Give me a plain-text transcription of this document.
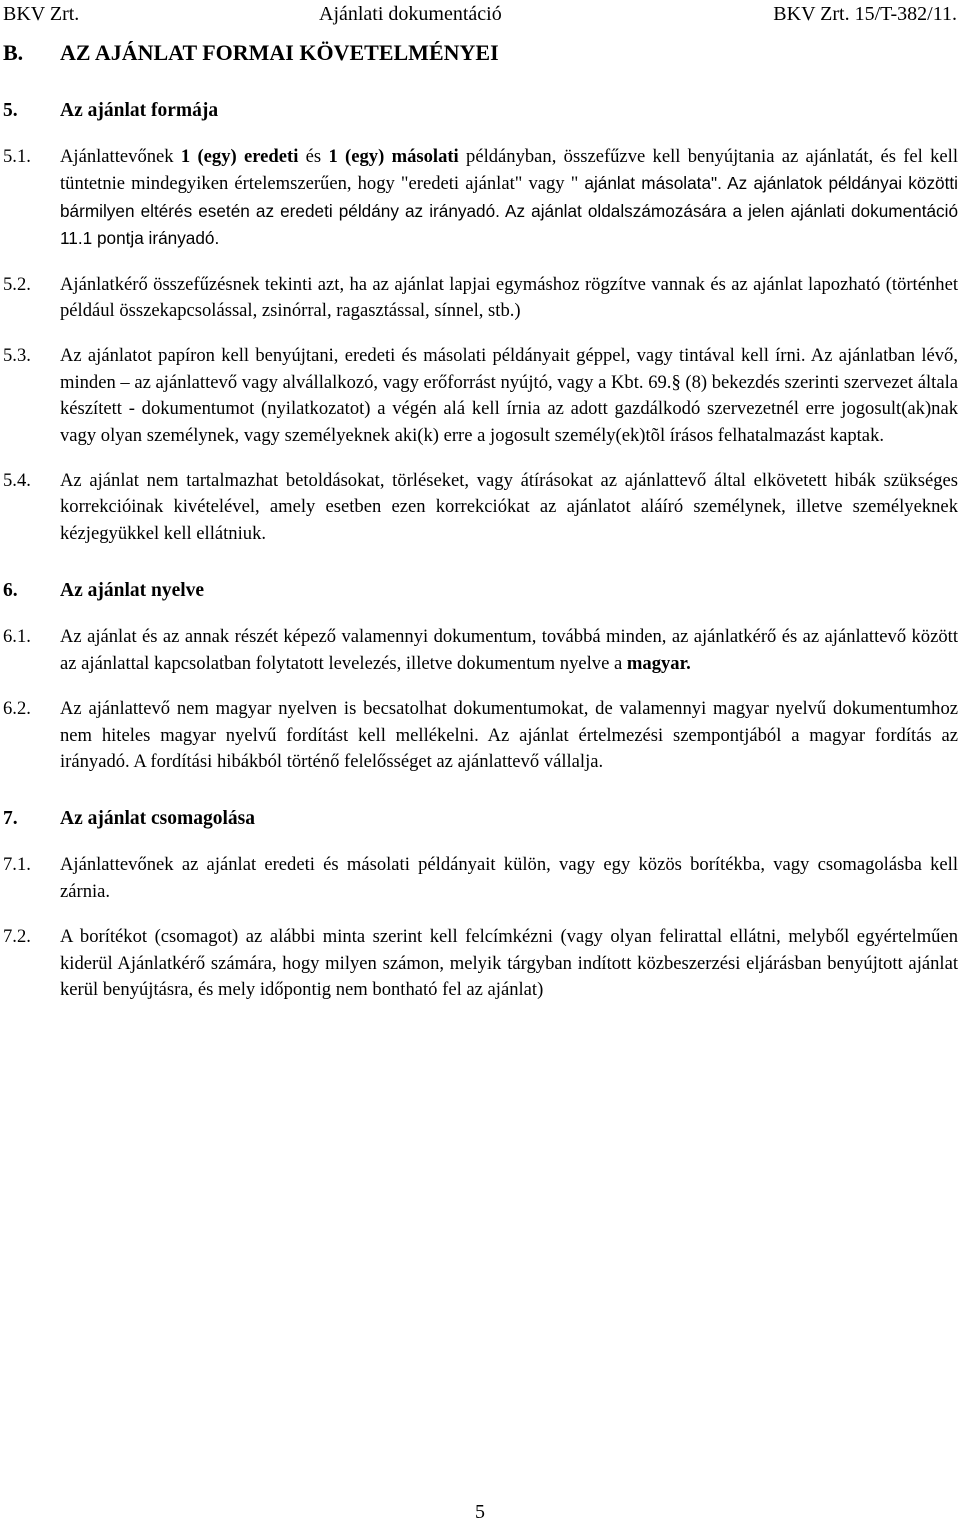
BKV Zrt.	Ajánlati dokumentáció	BKV Zrt. 15/T-382/11.
B. AZ AJÁNLAT FORMAI KÖVETELMÉNYEI
5. Az ajánlat formája
5.1.	Ajánlattevőnek 1 (egy) eredeti és 1 (egy) másolati példányban, összefűzve kell benyújtania az ajánlatát, és fel kell tüntetnie mindegyiken értelemszerűen, hogy "eredeti ajánlat" vagy " ajánlat másolata". Az ajánlatok példányai közötti bármilyen eltérés esetén az eredeti példány az irányadó. Az ajánlat oldalszámozására a jelen ajánlati dokumentáció 11.1 pontja irányadó.
5.2.	Ajánlatkérő összefűzésnek tekinti azt, ha az ajánlat lapjai egymáshoz rögzítve vannak és az ajánlat lapozható (történhet például összekapcsolással, zsinórral, ragasztással, sínnel, stb.)
5.3.	Az ajánlatot papíron kell benyújtani, eredeti és másolati példányait géppel, vagy tintával kell írni. Az ajánlatban lévő, minden – az ajánlattevő vagy alvállalkozó, vagy erőforrást nyújtó, vagy a Kbt. 69.§ (8) bekezdés szerinti szervezet általa készített - dokumentumot (nyilatkozatot) a végén alá kell írnia az adott gazdálkodó szervezetnél erre jogosult(ak)nak vagy olyan személynek, vagy személyeknek aki(k) erre a jogosult személy(ek)tõl írásos felhatalmazást kaptak.
5.4.	Az ajánlat nem tartalmazhat betoldásokat, törléseket, vagy átírásokat az ajánlattevő által elkövetett hibák szükséges korrekcióinak kivételével, amely esetben ezen korrekciókat az ajánlatot aláíró személynek, illetve személyeknek kézjegyükkel kell ellátniuk.
6. Az ajánlat nyelve
6.1.	Az ajánlat és az annak részét képező valamennyi dokumentum, továbbá minden, az ajánlatkérő és az ajánlattevő között az ajánlattal kapcsolatban folytatott levelezés, illetve dokumentum nyelve a magyar.
6.2.	Az ajánlattevő nem magyar nyelven is becsatolhat dokumentumokat, de valamennyi magyar nyelvű dokumentumhoz nem hiteles magyar nyelvű fordítást kell mellékelni. Az ajánlat értelmezési szempontjából a magyar fordítás az irányadó. A fordítási hibákból történő felelősséget az ajánlattevő vállalja.
7. Az ajánlat csomagolása
7.1.	Ajánlattevőnek az ajánlat eredeti és másolati példányait külön, vagy egy közös borítékba, vagy csomagolásba kell zárnia.
7.2.	A borítékot (csomagot) az alábbi minta szerint kell felcímkézni (vagy olyan felirattal ellátni, melyből egyértelműen kiderül Ajánlatkérő számára, hogy milyen számon, melyik tárgyban indított közbeszerzési eljárásban benyújtott ajánlat kerül benyújtásra, és mely időpontig nem bontható fel az ajánlat)
5
